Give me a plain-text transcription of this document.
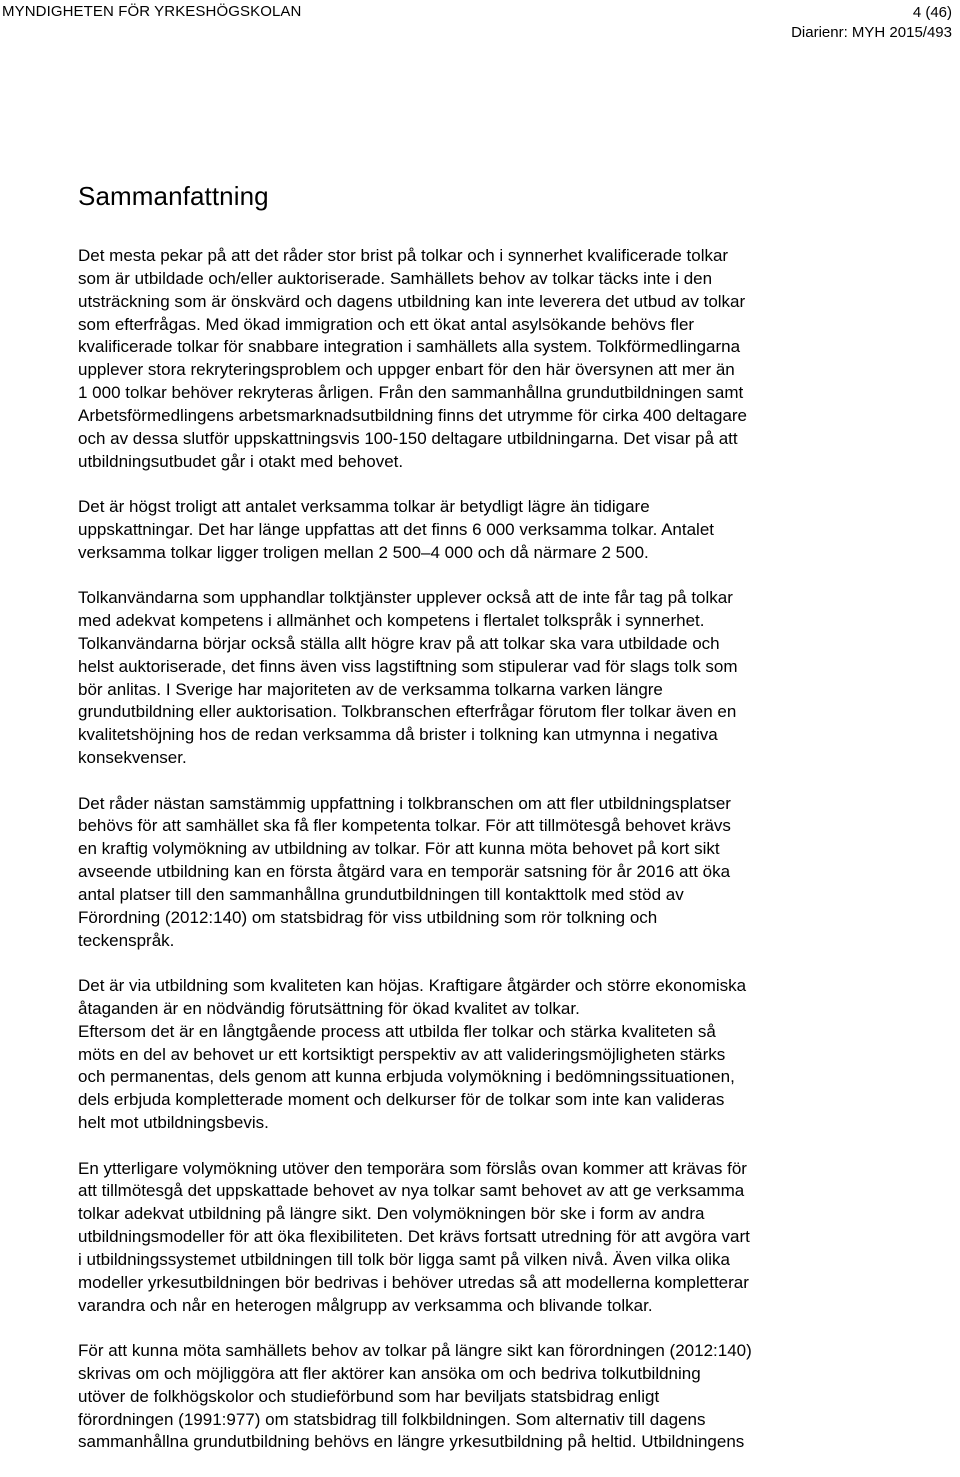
MYNDIGHETEN FÖR YRKESHÖGSKOLAN	4 (46)
Diarienr: MYH 2015/493
Sammanfattning

Det mesta pekar på att det råder stor brist på tolkar och i synnerhet kvalificerade tolkar
som är utbildade och/eller auktoriserade. Samhällets behov av tolkar täcks inte i den
utsträckning som är önskvärd och dagens utbildning kan inte leverera det utbud av tolkar
som efterfrågas. Med ökad immigration och ett ökat antal asylsökande behövs fler
kvalificerade tolkar för snabbare integration i samhällets alla system. Tolkförmedlingarna
upplever stora rekryteringsproblem och uppger enbart för den här översynen att mer än
1 000 tolkar behöver rekryteras årligen. Från den sammanhållna grundutbildningen samt
Arbetsförmedlingens arbetsmarknadsutbildning finns det utrymme för cirka 400 deltagare
och av dessa slutför uppskattningsvis 100-150 deltagare utbildningarna. Det visar på att
utbildningsutbudet går i otakt med behovet.

Det är högst troligt att antalet verksamma tolkar är betydligt lägre än tidigare
uppskattningar. Det har länge uppfattas att det finns 6 000 verksamma tolkar. Antalet
verksamma tolkar ligger troligen mellan 2 500–4 000 och då närmare 2 500.

Tolkanvändarna som upphandlar tolktjänster upplever också att de inte får tag på tolkar
med adekvat kompetens i allmänhet och kompetens i flertalet tolkspråk i synnerhet.
Tolkanvändarna börjar också ställa allt högre krav på att tolkar ska vara utbildade och
helst auktoriserade, det finns även viss lagstiftning som stipulerar vad för slags tolk som
bör anlitas. I Sverige har majoriteten av de verksamma tolkarna varken längre
grundutbildning eller auktorisation. Tolkbranschen efterfrågar förutom fler tolkar även en
kvalitetshöjning hos de redan verksamma då brister i tolkning kan utmynna i negativa
konsekvenser.

Det råder nästan samstämmig uppfattning i tolkbranschen om att fler utbildningsplatser
behövs för att samhället ska få fler kompetenta tolkar. För att tillmötesgå behovet krävs
en kraftig volymökning av utbildning av tolkar. För att kunna möta behovet på kort sikt
avseende utbildning kan en första åtgärd vara en temporär satsning för år 2016 att öka
antal platser till den sammanhållna grundutbildningen till kontakttolk med stöd av
Förordning (2012:140) om statsbidrag för viss utbildning som rör tolkning och
teckenspråk.

Det är via utbildning som kvaliteten kan höjas. Kraftigare åtgärder och större ekonomiska
åtaganden är en nödvändig förutsättning för ökad kvalitet av tolkar.
Eftersom det är en långtgående process att utbilda fler tolkar och stärka kvaliteten så
möts en del av behovet ur ett kortsiktigt perspektiv av att valideringsmöjligheten stärks
och permanentas, dels genom att kunna erbjuda volymökning i bedömningssituationen,
dels erbjuda kompletterade moment och delkurser för de tolkar som inte kan valideras
helt mot utbildningsbevis.

En ytterligare volymökning utöver den temporära som förslås ovan kommer att krävas för
att tillmötesgå det uppskattade behovet av nya tolkar samt behovet av att ge verksamma
tolkar adekvat utbildning på längre sikt. Den volymökningen bör ske i form av andra
utbildningsmodeller för att öka flexibiliteten. Det krävs fortsatt utredning för att avgöra vart
i utbildningssystemet utbildningen till tolk bör ligga samt på vilken nivå. Även vilka olika
modeller yrkesutbildningen bör bedrivas i behöver utredas så att modellerna kompletterar
varandra och når en heterogen målgrupp av verksamma och blivande tolkar.

För att kunna möta samhällets behov av tolkar på längre sikt kan förordningen (2012:140)
skrivas om och möjliggöra att fler aktörer kan ansöka om och bedriva tolkutbildning
utöver de folkhögskolor och studieförbund som har beviljats statsbidrag enligt
förordningen (1991:977) om statsbidrag till folkbildningen. Som alternativ till dagens
sammanhållna grundutbildning behövs en längre yrkesutbildning på heltid. Utbildningens
